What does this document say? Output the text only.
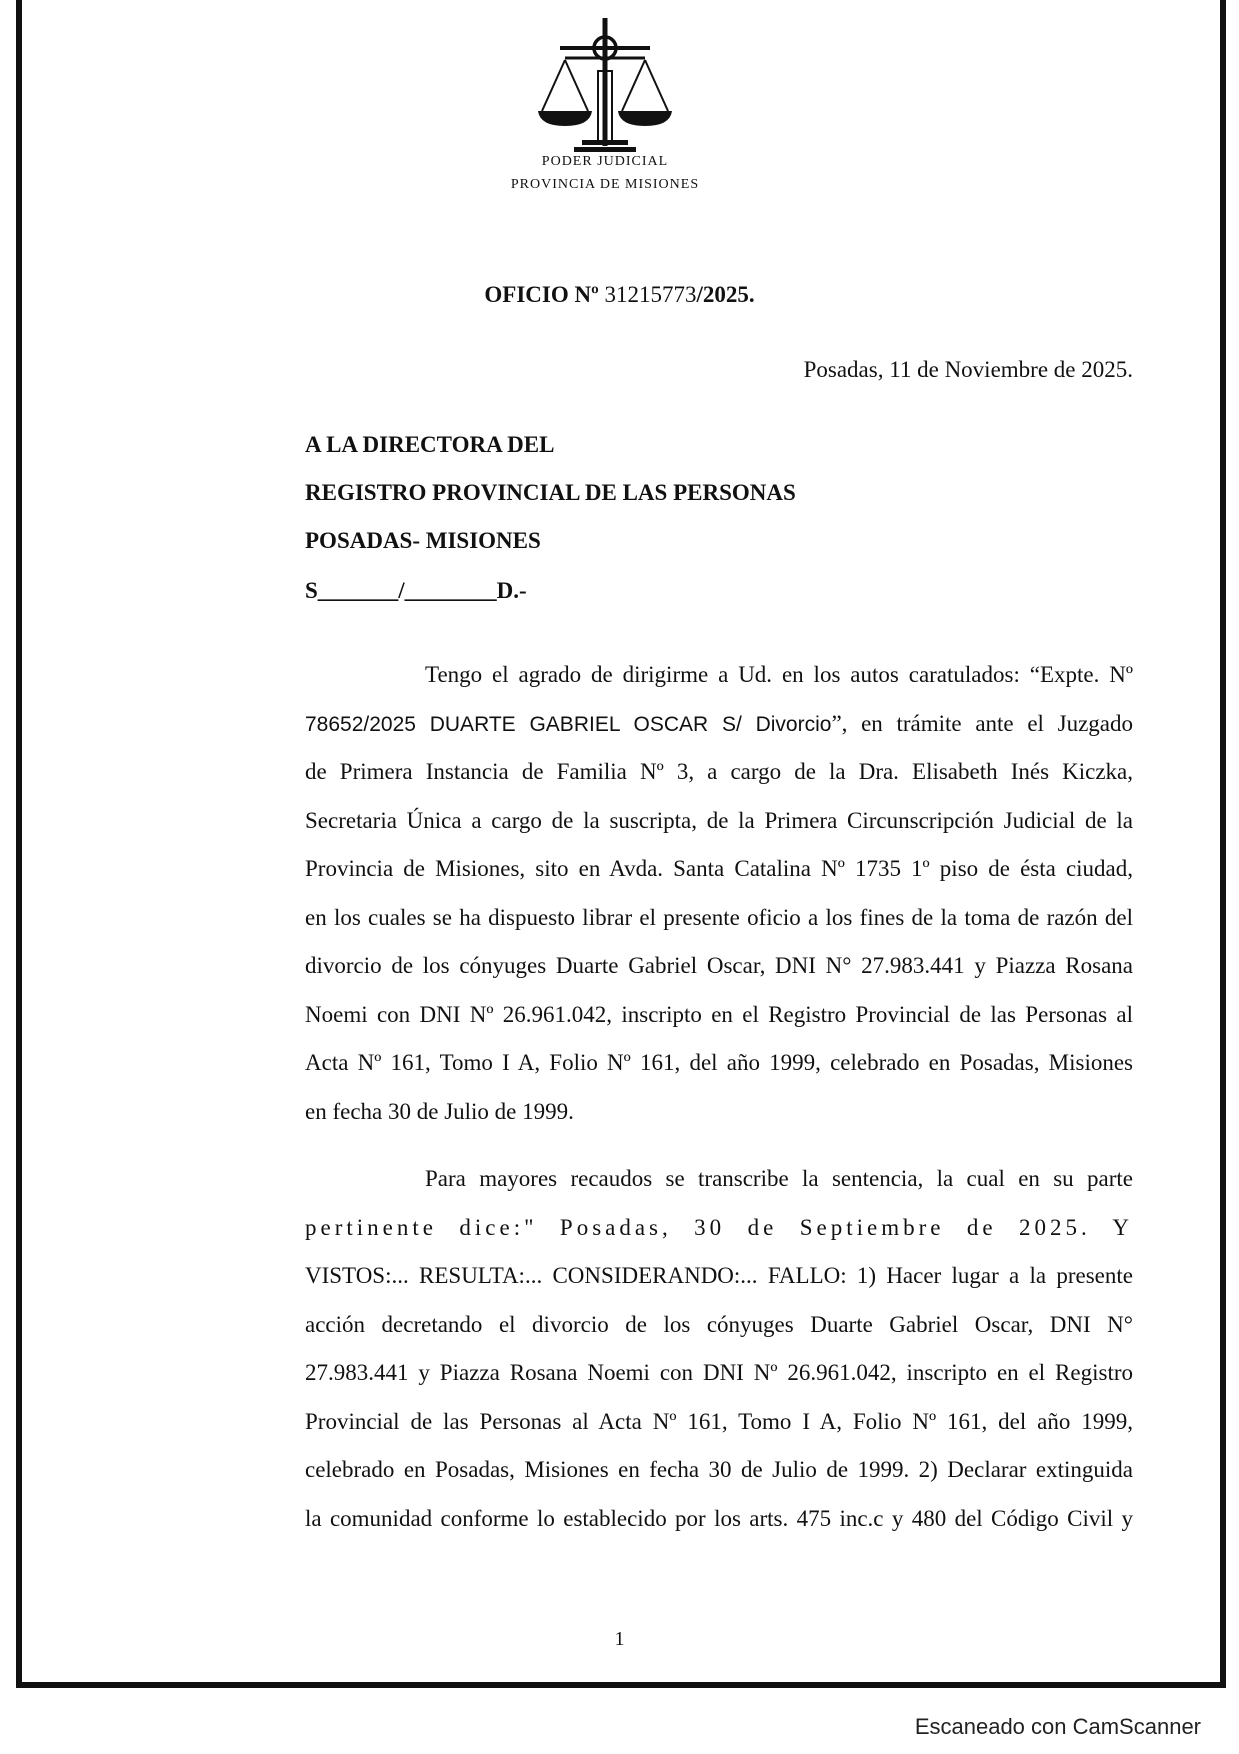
PODER JUDICIAL
PROVINCIA DE MISIONES
OFICIO Nº 31215773/2025.
Posadas, 11 de Noviembre de 2025.
A LA DIRECTORA DEL
REGISTRO PROVINCIAL DE LAS PERSONAS
POSADAS- MISIONES
S_______/________D.-
Tengo el agrado de dirigirme a Ud. en los autos caratulados: “Expte. Nº
78652/2025 DUARTE GABRIEL OSCAR S/ Divorcio”, en trámite ante el Juzgado
de Primera Instancia de Familia Nº 3, a cargo de la Dra. Elisabeth Inés Kiczka,
Secretaria Única a cargo de la suscripta, de la Primera Circunscripción Judicial de la
Provincia de Misiones, sito en Avda. Santa Catalina Nº 1735 1º piso de ésta ciudad,
en los cuales se ha dispuesto librar el presente oficio a los fines de la toma de razón del
divorcio de los cónyuges Duarte Gabriel Oscar, DNI N° 27.983.441 y Piazza Rosana
Noemi con DNI Nº 26.961.042, inscripto en el Registro Provincial de las Personas al
Acta Nº 161, Tomo I A, Folio Nº 161, del año 1999, celebrado en Posadas, Misiones
en fecha 30 de Julio de 1999.
Para mayores recaudos se transcribe la sentencia, la cual en su parte
pertinente dice:" Posadas, 30 de Septiembre de 2025. Y
VISTOS:... RESULTA:... CONSIDERANDO:... FALLO: 1) Hacer lugar a la presente
acción decretando el divorcio de los cónyuges Duarte Gabriel Oscar, DNI N°
27.983.441 y Piazza Rosana Noemi con DNI Nº 26.961.042, inscripto en el Registro
Provincial de las Personas al Acta Nº 161, Tomo I A, Folio Nº 161, del año 1999,
celebrado en Posadas, Misiones en fecha 30 de Julio de 1999. 2) Declarar extinguida
la comunidad conforme lo establecido por los arts. 475 inc.c y 480 del Código Civil y
1
Escaneado con CamScanner
